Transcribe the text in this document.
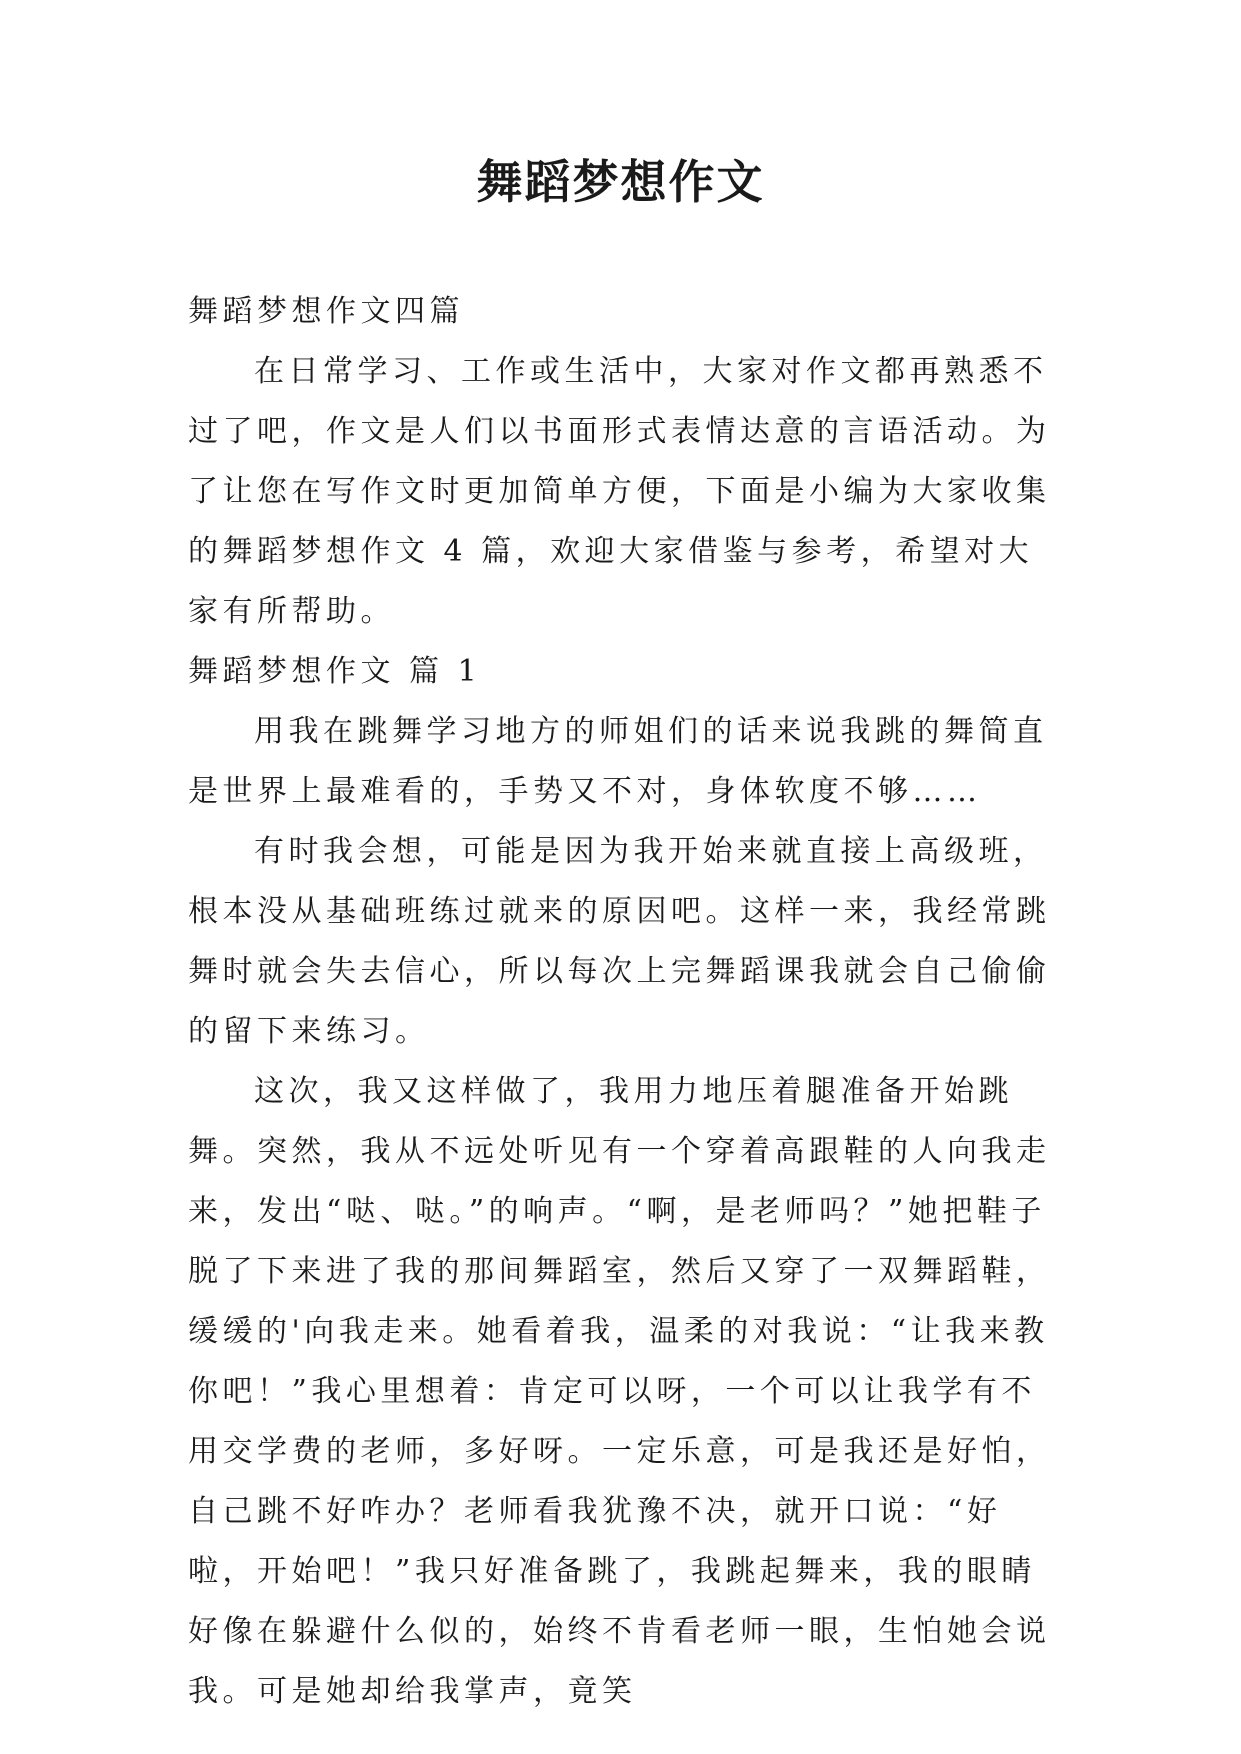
舞蹈梦想作文

舞蹈梦想作文四篇

在日常学习、工作或生活中，大家对作文都再熟悉不过了吧，作文是人们以书面形式表情达意的言语活动。为了让您在写作文时更加简单方便，下面是小编为大家收集的舞蹈梦想作文 4 篇，欢迎大家借鉴与参考，希望对大家有所帮助。

舞蹈梦想作文 篇 1

用我在跳舞学习地方的师姐们的话来说我跳的舞简直是世界上最难看的，手势又不对，身体软度不够……

有时我会想，可能是因为我开始来就直接上高级班，根本没从基础班练过就来的原因吧。这样一来，我经常跳舞时就会失去信心，所以每次上完舞蹈课我就会自己偷偷的留下来练习。

这次，我又这样做了，我用力地压着腿准备开始跳舞。突然，我从不远处听见有一个穿着高跟鞋的人向我走来，发出“哒、哒。”的响声。“啊，是老师吗？”她把鞋子脱了下来进了我的那间舞蹈室，然后又穿了一双舞蹈鞋，缓缓的'向我走来。她看着我，温柔的对我说：“让我来教你吧！”我心里想着：肯定可以呀，一个可以让我学有不用交学费的老师，多好呀。一定乐意，可是我还是好怕，自己跳不好咋办？老师看我犹豫不决，就开口说：“好啦，开始吧！”我只好准备跳了，我跳起舞来，我的眼睛好像在躲避什么似的，始终不肯看老师一眼，生怕她会说我。可是她却给我掌声，竟笑
